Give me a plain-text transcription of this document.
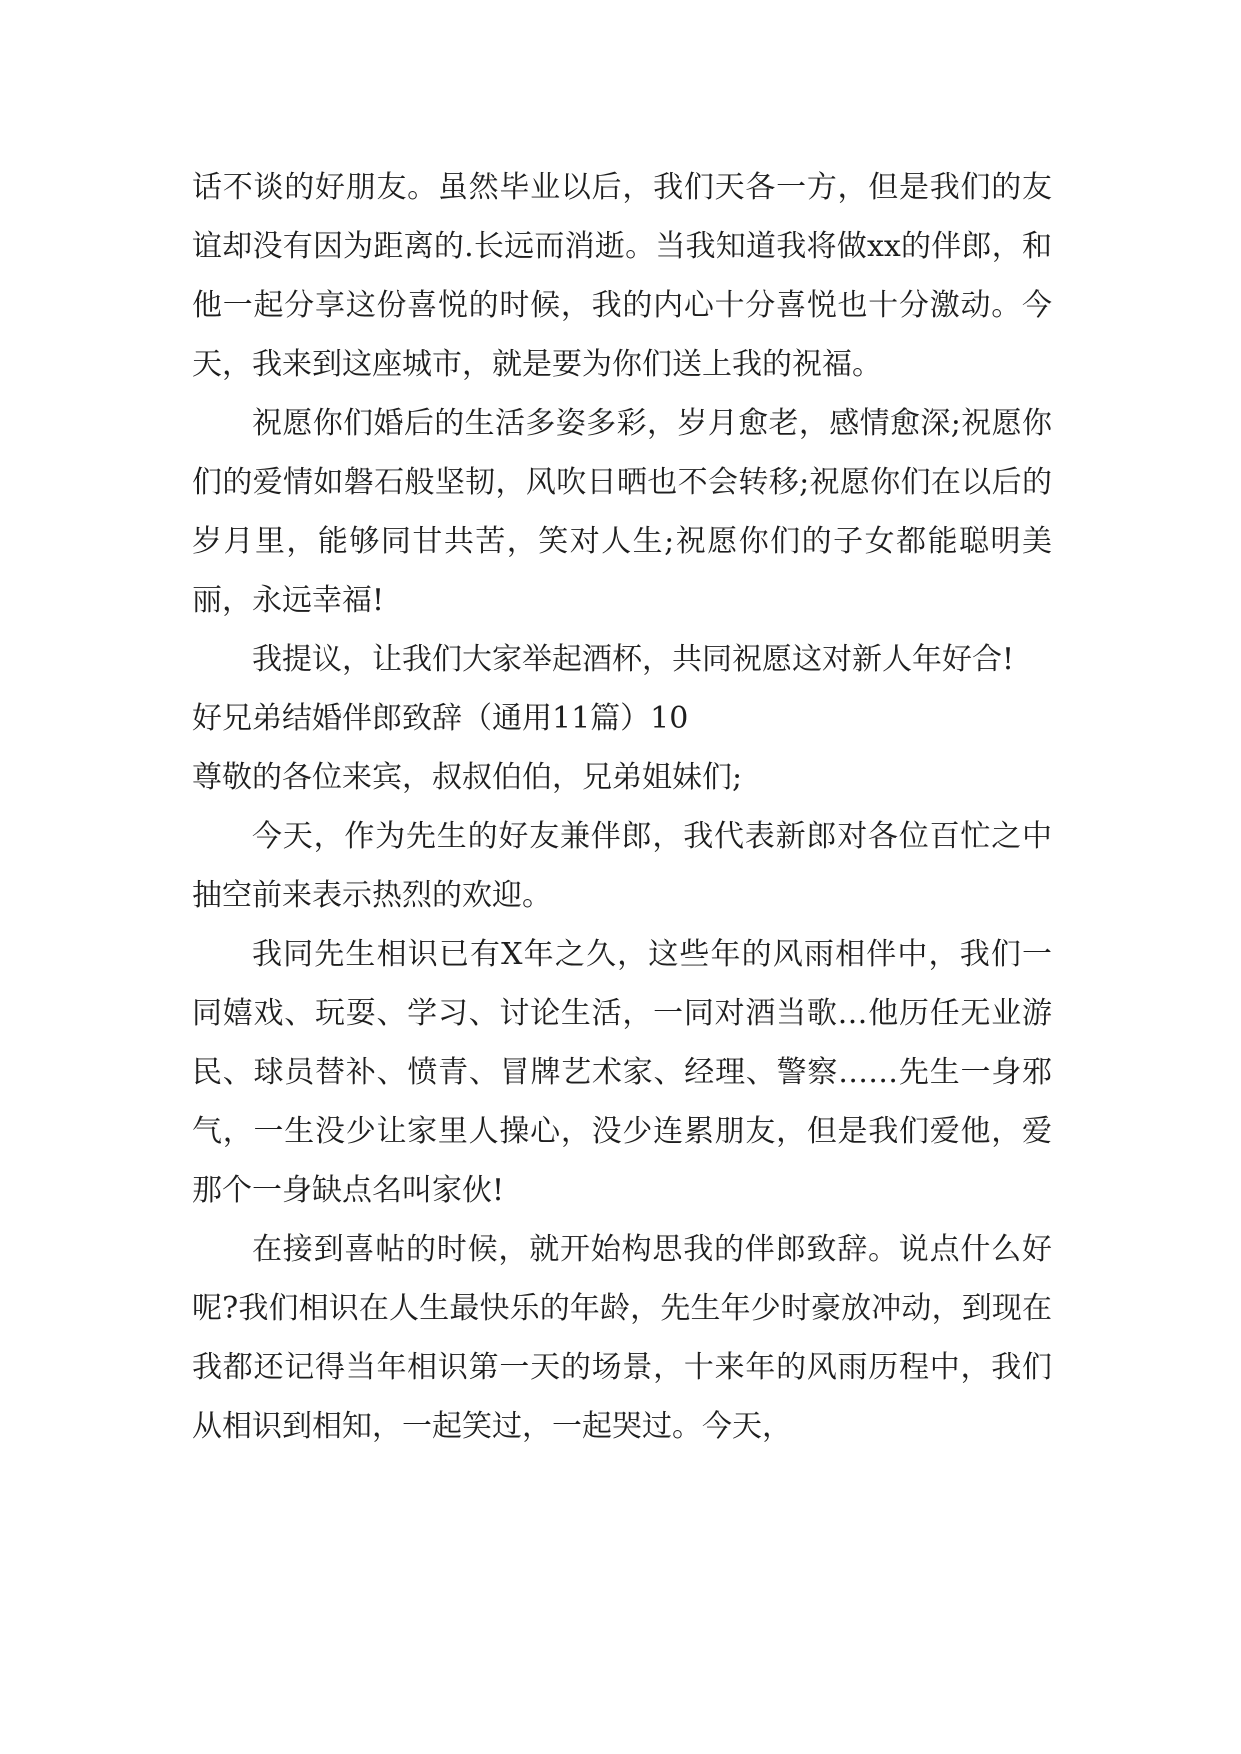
话不谈的好朋友。虽然毕业以后，我们天各一方，但是我们的友谊却没有因为距离的.长远而消逝。当我知道我将做xx的伴郎，和他一起分享这份喜悦的时候，我的内心十分喜悦也十分激动。今天，我来到这座城市，就是要为你们送上我的祝福。

祝愿你们婚后的生活多姿多彩，岁月愈老，感情愈深;祝愿你们的爱情如磐石般坚韧，风吹日晒也不会转移;祝愿你们在以后的岁月里，能够同甘共苦，笑对人生;祝愿你们的子女都能聪明美丽，永远幸福!

我提议，让我们大家举起酒杯，共同祝愿这对新人年好合!

好兄弟结婚伴郎致辞（通用11篇）10

尊敬的各位来宾，叔叔伯伯，兄弟姐妹们;

今天，作为先生的好友兼伴郎，我代表新郎对各位百忙之中抽空前来表示热烈的欢迎。

我同先生相识已有X年之久，这些年的风雨相伴中，我们一同嬉戏、玩耍、学习、讨论生活，一同对酒当歌…他历任无业游民、球员替补、愤青、冒牌艺术家、经理、警察……先生一身邪气，一生没少让家里人操心，没少连累朋友，但是我们爱他，爱那个一身缺点名叫家伙!

在接到喜帖的时候，就开始构思我的伴郎致辞。说点什么好呢?我们相识在人生最快乐的年龄，先生年少时豪放冲动，到现在我都还记得当年相识第一天的场景，十来年的风雨历程中，我们从相识到相知，一起笑过，一起哭过。今天，
